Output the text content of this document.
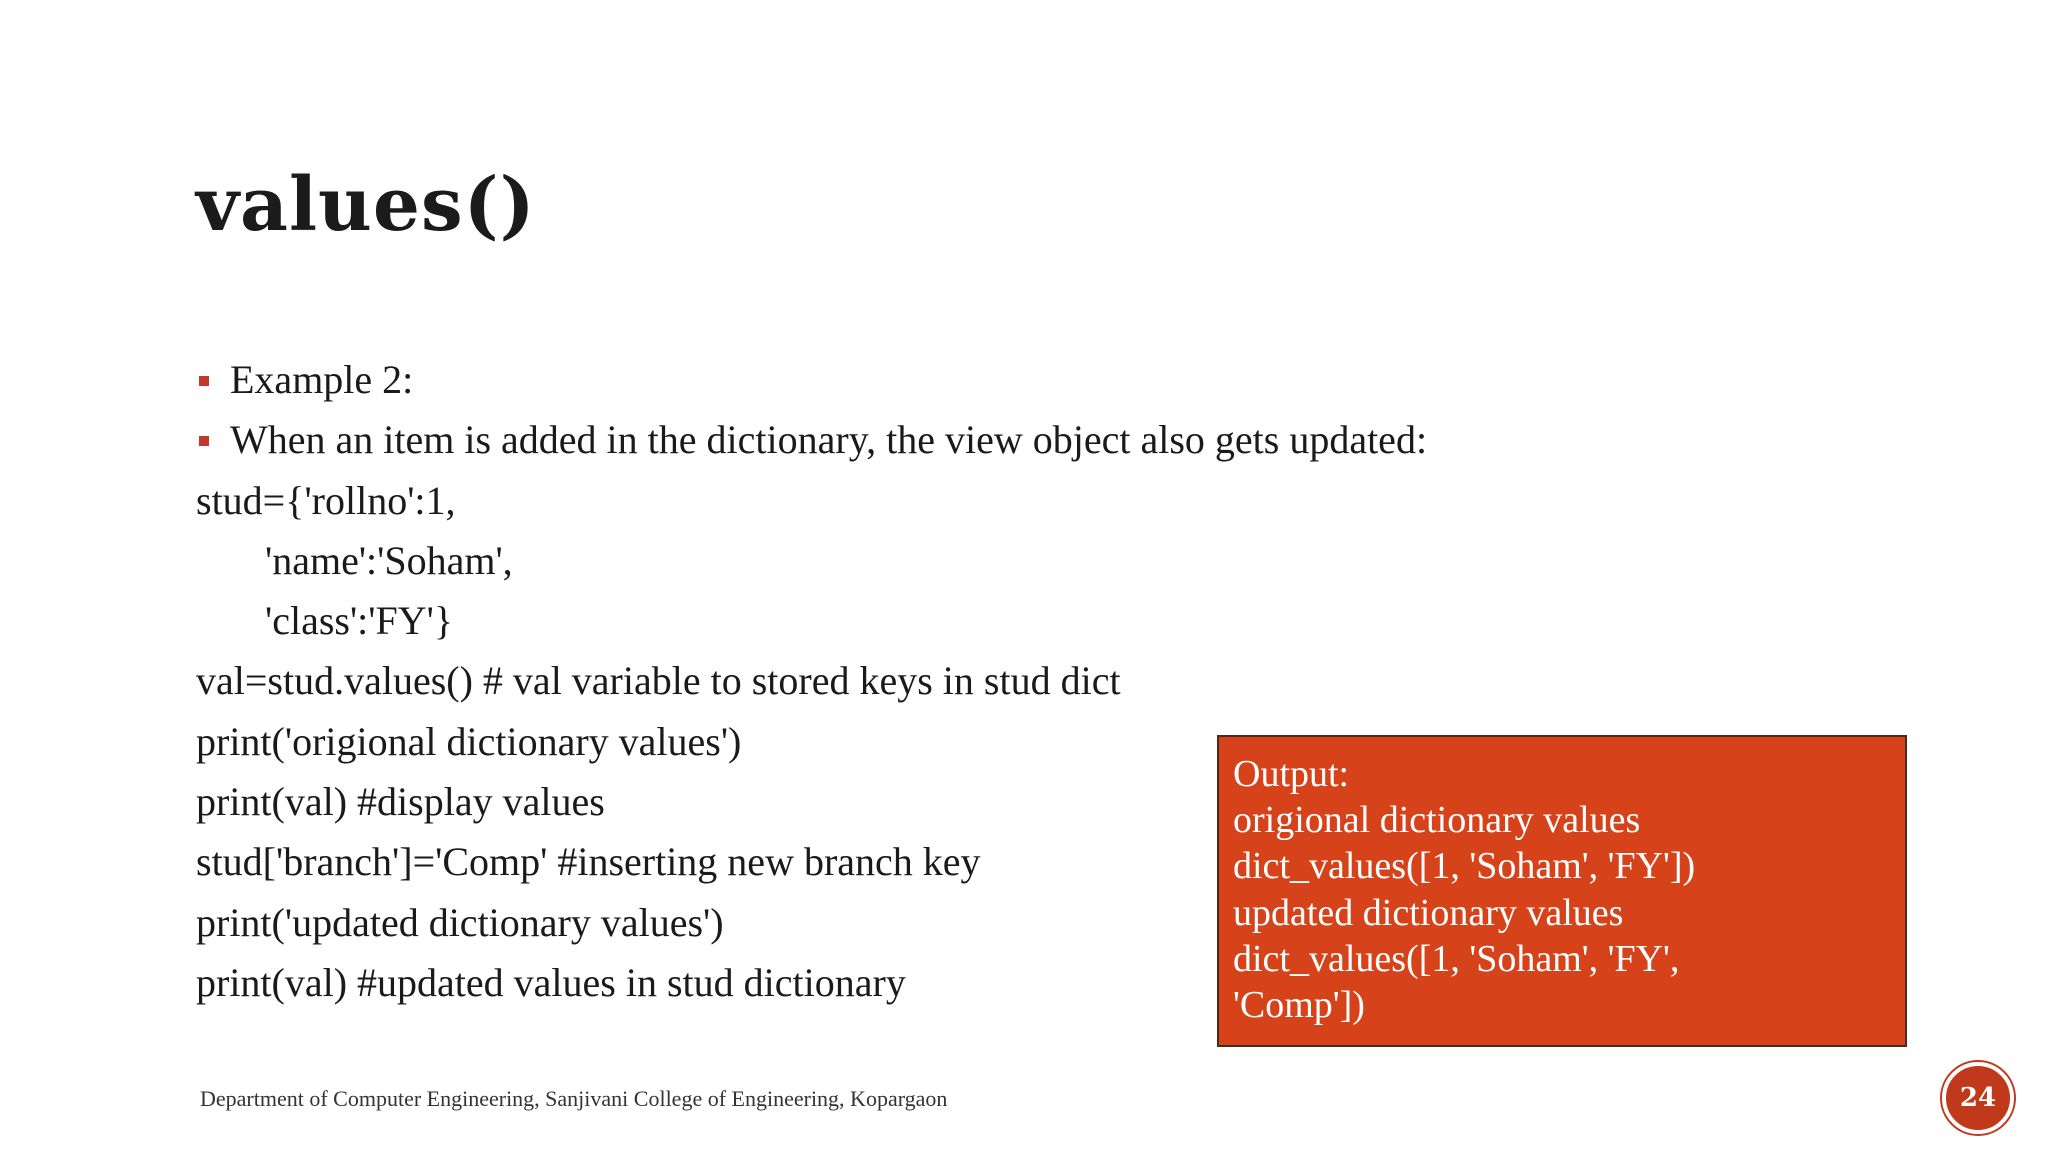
values()
Example 2:
When an item is added in the dictionary, the view object also gets updated:
stud={'rollno':1,
'name':'Soham',
'class':'FY'}
val=stud.values() # val variable to stored keys in stud dict
print('origional dictionary values')
print(val) #display values
stud['branch']='Comp' #inserting new branch key
print('updated dictionary values')
print(val) #updated values in stud dictionary
Output:
origional dictionary values
dict_values([1, 'Soham', 'FY'])
updated dictionary values
dict_values([1, 'Soham', 'FY',
'Comp'])
Department of Computer Engineering, Sanjivani College of Engineering, Kopargaon	24
